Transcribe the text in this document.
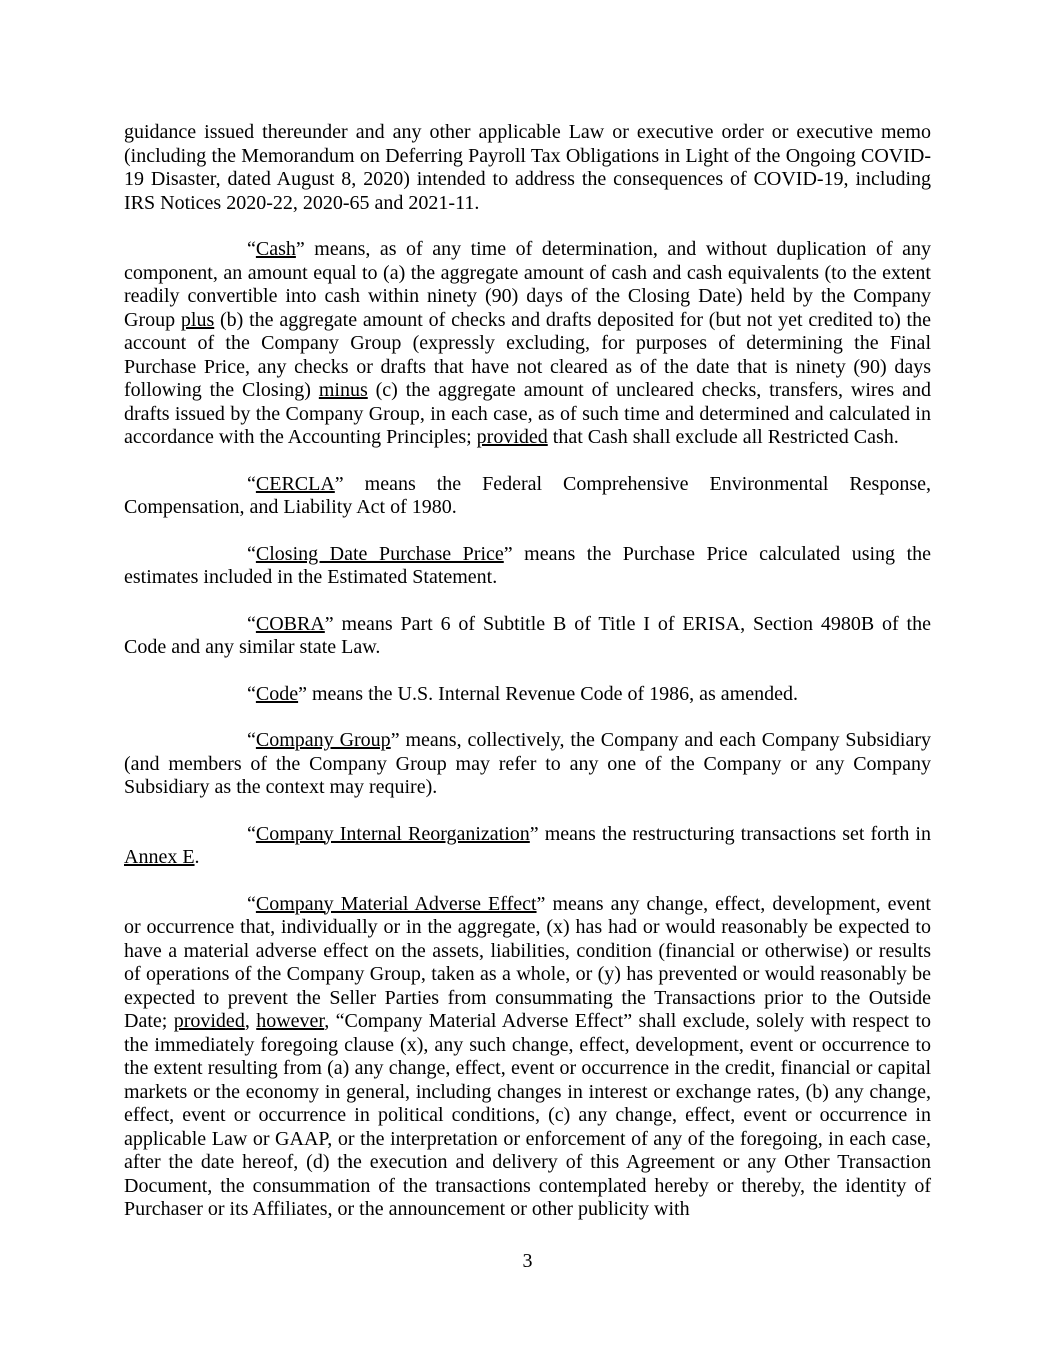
guidance issued thereunder and any other applicable Law or executive order or executive memo (including the Memorandum on Deferring Payroll Tax Obligations in Light of the Ongoing COVID-19 Disaster, dated August 8, 2020) intended to address the consequences of COVID-19, including IRS Notices 2020-22, 2020-65 and 2021-11.

“Cash” means, as of any time of determination, and without duplication of any component, an amount equal to (a) the aggregate amount of cash and cash equivalents (to the extent readily convertible into cash within ninety (90) days of the Closing Date) held by the Company Group plus (b) the aggregate amount of checks and drafts deposited for (but not yet credited to) the account of the Company Group (expressly excluding, for purposes of determining the Final Purchase Price, any checks or drafts that have not cleared as of the date that is ninety (90) days following the Closing) minus (c) the aggregate amount of uncleared checks, transfers, wires and drafts issued by the Company Group, in each case, as of such time and determined and calculated in accordance with the Accounting Principles; provided that Cash shall exclude all Restricted Cash.

“CERCLA” means the Federal Comprehensive Environmental Response, Compensation, and Liability Act of 1980.

“Closing Date Purchase Price” means the Purchase Price calculated using the estimates included in the Estimated Statement.

“COBRA” means Part 6 of Subtitle B of Title I of ERISA, Section 4980B of the Code and any similar state Law.

“Code” means the U.S. Internal Revenue Code of 1986, as amended.

“Company Group” means, collectively, the Company and each Company Subsidiary (and members of the Company Group may refer to any one of the Company or any Company Subsidiary as the context may require).

“Company Internal Reorganization” means the restructuring transactions set forth in Annex E.

“Company Material Adverse Effect” means any change, effect, development, event or occurrence that, individually or in the aggregate, (x) has had or would reasonably be expected to have a material adverse effect on the assets, liabilities, condition (financial or otherwise) or results of operations of the Company Group, taken as a whole, or (y) has prevented or would reasonably be expected to prevent the Seller Parties from consummating the Transactions prior to the Outside Date; provided, however, “Company Material Adverse Effect” shall exclude, solely with respect to the immediately foregoing clause (x), any such change, effect, development, event or occurrence to the extent resulting from (a) any change, effect, event or occurrence in the credit, financial or capital markets or the economy in general, including changes in interest or exchange rates, (b) any change, effect, event or occurrence in political conditions, (c) any change, effect, event or occurrence in applicable Law or GAAP, or the interpretation or enforcement of any of the foregoing, in each case, after the date hereof, (d) the execution and delivery of this Agreement or any Other Transaction Document, the consummation of the transactions contemplated hereby or thereby, the identity of Purchaser or its Affiliates, or the announcement or other publicity with

3
